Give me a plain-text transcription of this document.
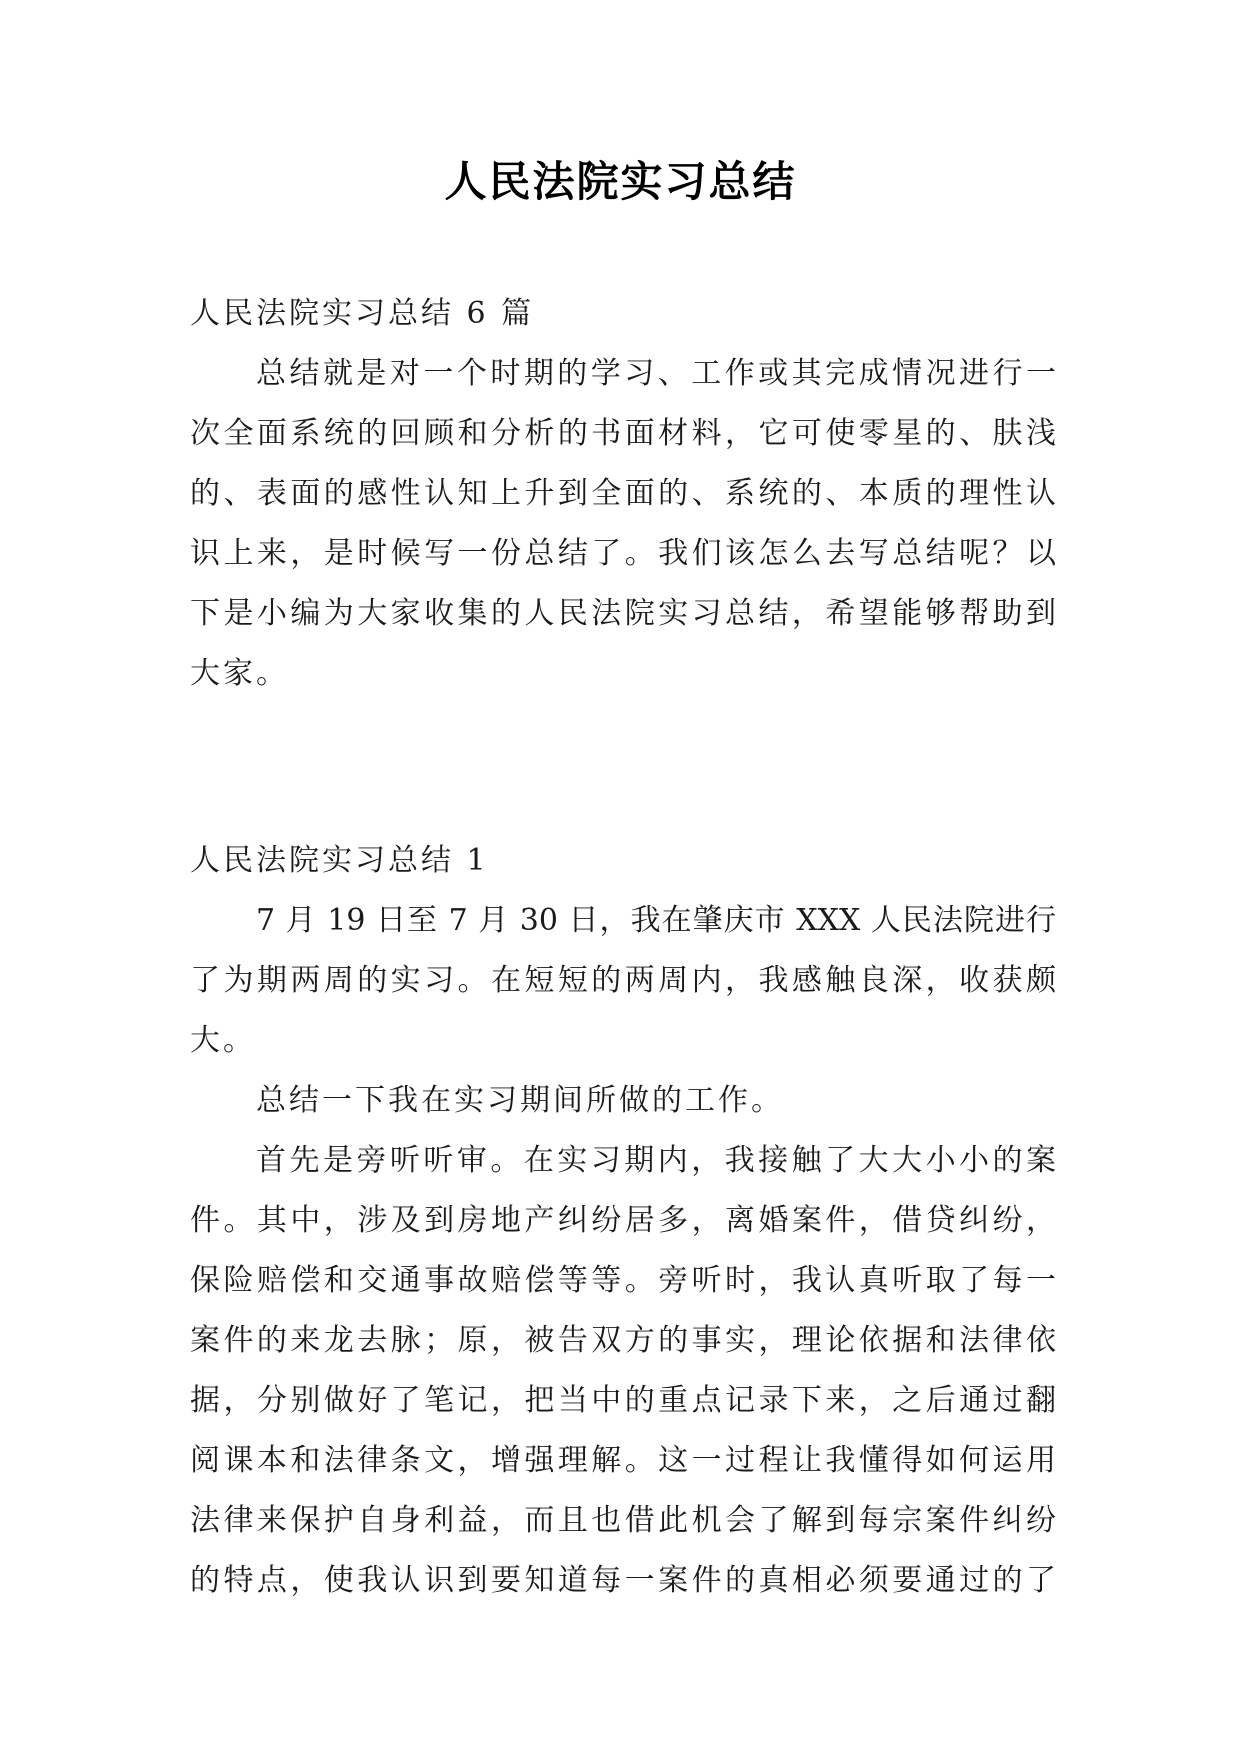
人民法院实习总结
人民法院实习总结 6 篇
总结就是对一个时期的学习、工作或其完成情况进行一
次全面系统的回顾和分析的书面材料，它可使零星的、肤浅
的、表面的感性认知上升到全面的、系统的、本质的理性认
识上来，是时候写一份总结了。我们该怎么去写总结呢？以
下是小编为大家收集的人民法院实习总结，希望能够帮助到
大家。
人民法院实习总结 1
7 月 19 日至 7 月 30 日，我在肇庆市 XXX 人民法院进行
了为期两周的实习。在短短的两周内，我感触良深，收获颇
大。
总结一下我在实习期间所做的工作。
首先是旁听听审。在实习期内，我接触了大大小小的案
件。其中，涉及到房地产纠纷居多，离婚案件，借贷纠纷，
保险赔偿和交通事故赔偿等等。旁听时，我认真听取了每一
案件的来龙去脉；原，被告双方的事实，理论依据和法律依
据，分别做好了笔记，把当中的重点记录下来，之后通过翻
阅课本和法律条文，增强理解。这一过程让我懂得如何运用
法律来保护自身利益，而且也借此机会了解到每宗案件纠纷
的特点，使我认识到要知道每一案件的真相必须要通过的了
